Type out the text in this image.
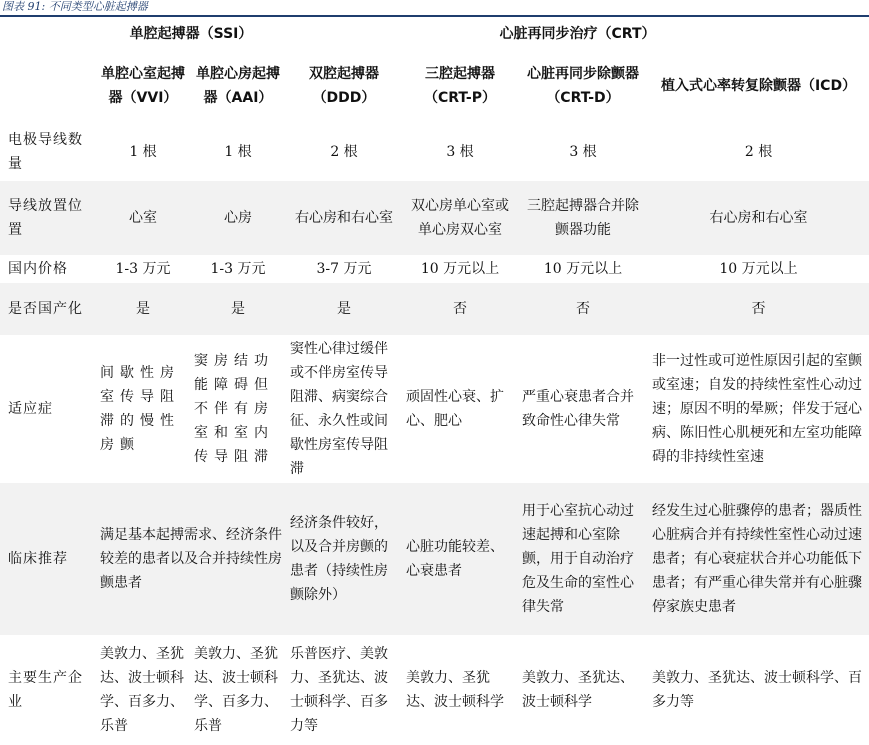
图表 91: 不同类型心脏起搏器
	单腔起搏器（SSI）		心脏再同步治疗（CRT）			
	单腔心室起搏器（VVI）	单腔心房起搏器（AAI）	双腔起搏器（DDD）	三腔起搏器（CRT-P）	心脏再同步除颤器（CRT-D）	植入式心率转复除颤器（ICD）
电极导线数量	1 根	1 根	2 根	3 根	3 根	2 根
导线放置位置	心室	心房	右心房和右心室	双心房单心室或单心房双心室	三腔起搏器合并除颤器功能	右心房和右心室
国内价格	1-3 万元	1-3 万元	3-7 万元	10 万元以上	10 万元以上	10 万元以上
是否国产化	是	是	是	否	否	否
适应症	间歇性房室传导阻滞的慢性房颤	窦房结功能障碍但不伴有房室和室内传导阻滞	窦性心律过缓伴或不伴房室传导阻滞、病窦综合征、永久性或间歇性房室传导阻滞	顽固性心衰、扩心、肥心	严重心衰患者合并致命性心律失常	非一过性或可逆性原因引起的室颤或室速；自发的持续性室性心动过速；原因不明的晕厥；伴发于冠心病、陈旧性心肌梗死和左室功能障碍的非持续性室速
临床推荐	满足基本起搏需求、经济条件较差的患者以及合并持续性房颤患者		经济条件较好，以及合并房颤的患者（持续性房颤除外）	心脏功能较差、心衰患者	用于心室抗心动过速起搏和心室除颤，用于自动治疗危及生命的室性心律失常	经发生过心脏骤停的患者；器质性心脏病合并有持续性室性心动过速患者；有心衰症状合并心功能低下患者；有严重心律失常并有心脏骤停家族史患者
主要生产企业	美敦力、圣犹达、波士顿科学、百多力、乐普	美敦力、圣犹达、波士顿科学、百多力、乐普	乐普医疗、美敦力、圣犹达、波士顿科学、百多力等	美敦力、圣犹达、波士顿科学	美敦力、圣犹达、波士顿科学	美敦力、圣犹达、波士顿科学、百多力等
